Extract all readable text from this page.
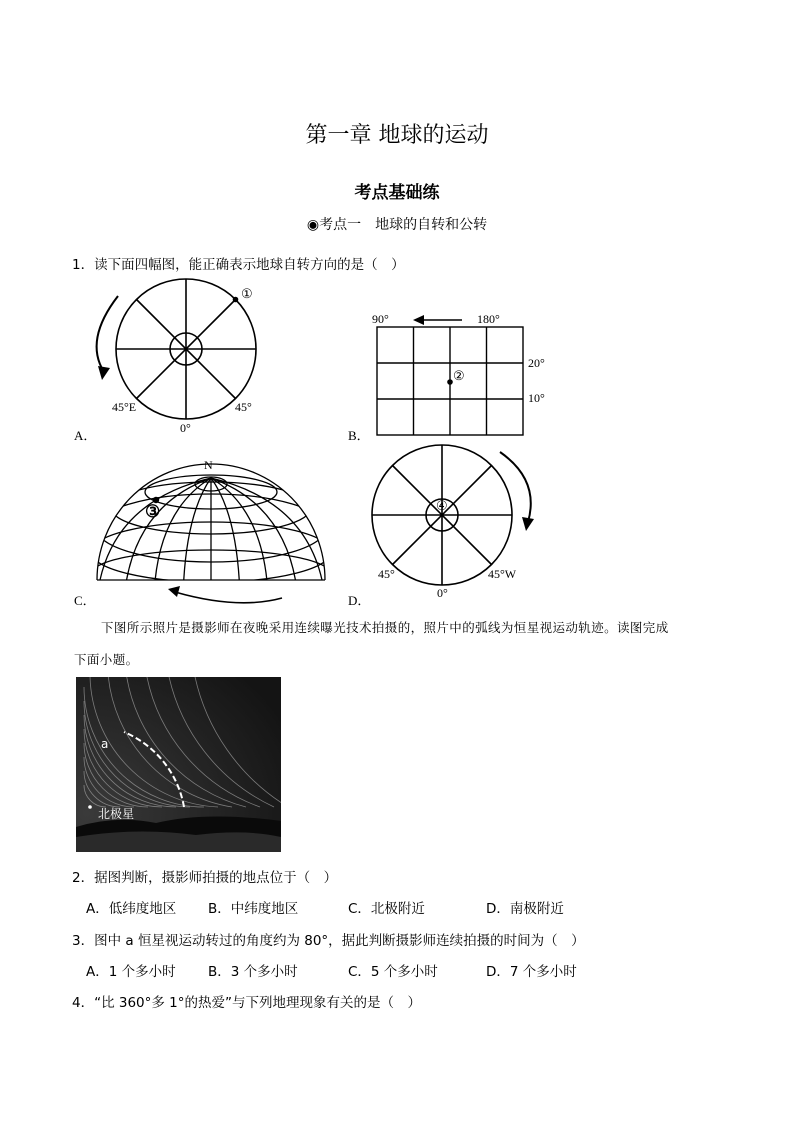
第一章 地球的运动
考点基础练
◉考点一　地球的自转和公转
1．读下面四幅图，能正确表示地球自转方向的是（　）
①
45°E	45°
0°
A．
90°	180°
20°
10°
②
B．
N
③
C．
④
45°	45°W
0°
D．
下图所示照片是摄影师在夜晚采用连续曝光技术拍摄的，照片中的弧线为恒星视运动轨迹。读图完成
下面小题。
a
北极星
2．据图判断，摄影师拍摄的地点位于（　）
A．低纬度地区 B．中纬度地区	C．北极附近	D．南极附近
3．图中 a 恒星视运动转过的角度约为 80°，据此判断摄影师连续拍摄的时间为（　）
A．1 个多小时 B．3 个多小时	C．5 个多小时	D．7 个多小时
4．“比 360°多 1°的热爱”与下列地理现象有关的是（　）
